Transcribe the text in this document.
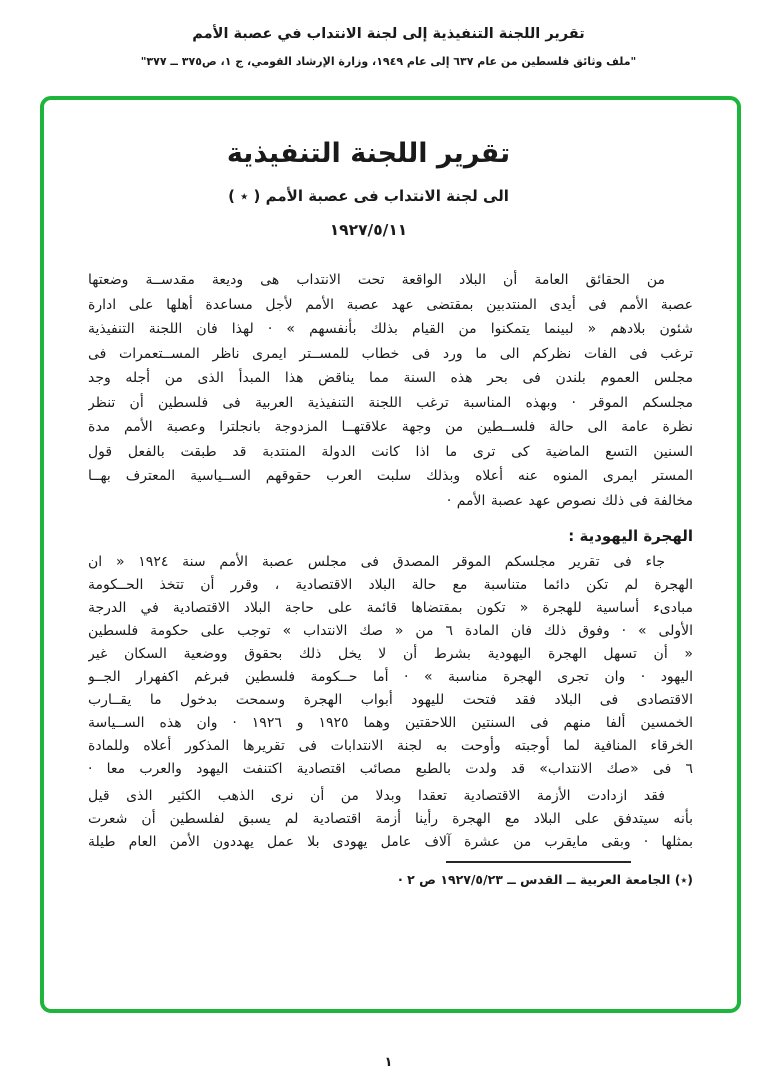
تقرير اللجنة التنفيذية إلى لجنة الانتداب في عصبة الأمم
"ملف وثائق فلسطين من عام ٦٣٧ إلى عام ١٩٤٩، وزارة الإرشاد القومي، ج ١، ص٣٧٥ ــ ٣٧٧"
تقرير اللجنة التنفيذية
الى لجنة الانتداب فى عصبة الأمم ( ٭ )
١٩٢٧/٥/١١
من الحقائق العامة أن البلاد الواقعة تحت الانتداب هى وديعة مقدســة وضعتها
عصبة الأمم فى أيدى المنتدبين بمقتضى عهد عصبة الأمم لأجل مساعدة أهلها على ادارة
شئون بلادهم « لبينما يتمكنوا من القيام بذلك بأنفسهم » · لهذا فان اللجنة التنفيذية
ترغب فى الفات نظركم الى ما ورد فى خطاب للمســتر ايمرى ناظر المســتعمرات فى
مجلس العموم بلندن فى بحر هذه السنة مما يناقض هذا المبدأ الذى من أجله وجد
مجلسكم الموقر · وبهذه المناسبة ترغب اللجنة التنفيذية العربية فى فلسطين أن تنظر
نظرة عامة الى حالة فلســطين من وجهة علاقتهــا المزدوجة بانجلترا وعصبة الأمم مدة
السنين التسع الماضية كى ترى ما اذا كانت الدولة المنتدبة قد طبقت بالفعل قول
المستر ايمرى المنوه عنه أعلاه وبذلك سلبت العرب حقوقهم الســياسية المعترف بهــا
مخالفة فى ذلك نصوص عهد عصبة الأمم ·
الهجرة اليهودية :
جاء فى تقرير مجلسكم الموقر المصدق فى مجلس عصبة الأمم سنة ١٩٢٤ « ان
الهجرة لم تكن دائما متناسبة مع حالة البلاد الاقتصادية ، وقرر أن تتخذ الحــكومة
مبادىء أساسية للهجرة « تكون بمقتضاها قائمة على حاجة البلاد الاقتصادية في الدرجة
الأولى » · وفوق ذلك فان المادة ٦ من « صك الانتداب » توجب على حكومة فلسطين
« أن تسهل الهجرة اليهودية بشرط أن لا يخل ذلك بحقوق ووضعية السكان غير
اليهود · وان تجرى الهجرة مناسبة » · أما حــكومة فلسطين فبرغم اكفهرار الجــو
الاقتصادى فى البلاد فقد فتحت لليهود أبواب الهجرة وسمحت بدخول ما يقــارب
الخمسين ألفا منهم فى السنتين اللاحقتين وهما ١٩٢٥ و ١٩٢٦ · وان هذه الســياسة
الخرقاء المنافية لما أوجبته وأوحت به لجنة الانتدابات فى تقريرها المذكور أعلاه وللمادة
٦ فى «صك الانتداب» قد ولدت بالطبع مصائب اقتصادية اكتنفت اليهود والعرب معا ·
فقد ازدادت الأزمة الاقتصادية تعقدا وبدلا من أن نرى الذهب الكثير الذى قيل
بأنه سيتدفق على البلاد مع الهجرة رأينا أزمة اقتصادية لم يسبق لفلسطين أن شعرت
بمثلها · وبقى مايقرب من عشرة آلاف عامل يهودى بلا عمل يهددون الأمن العام طيلة
(٭) الجامعة العربية ــ القدس ــ ١٩٢٧/٥/٢٣ ص ٢ ·
١
